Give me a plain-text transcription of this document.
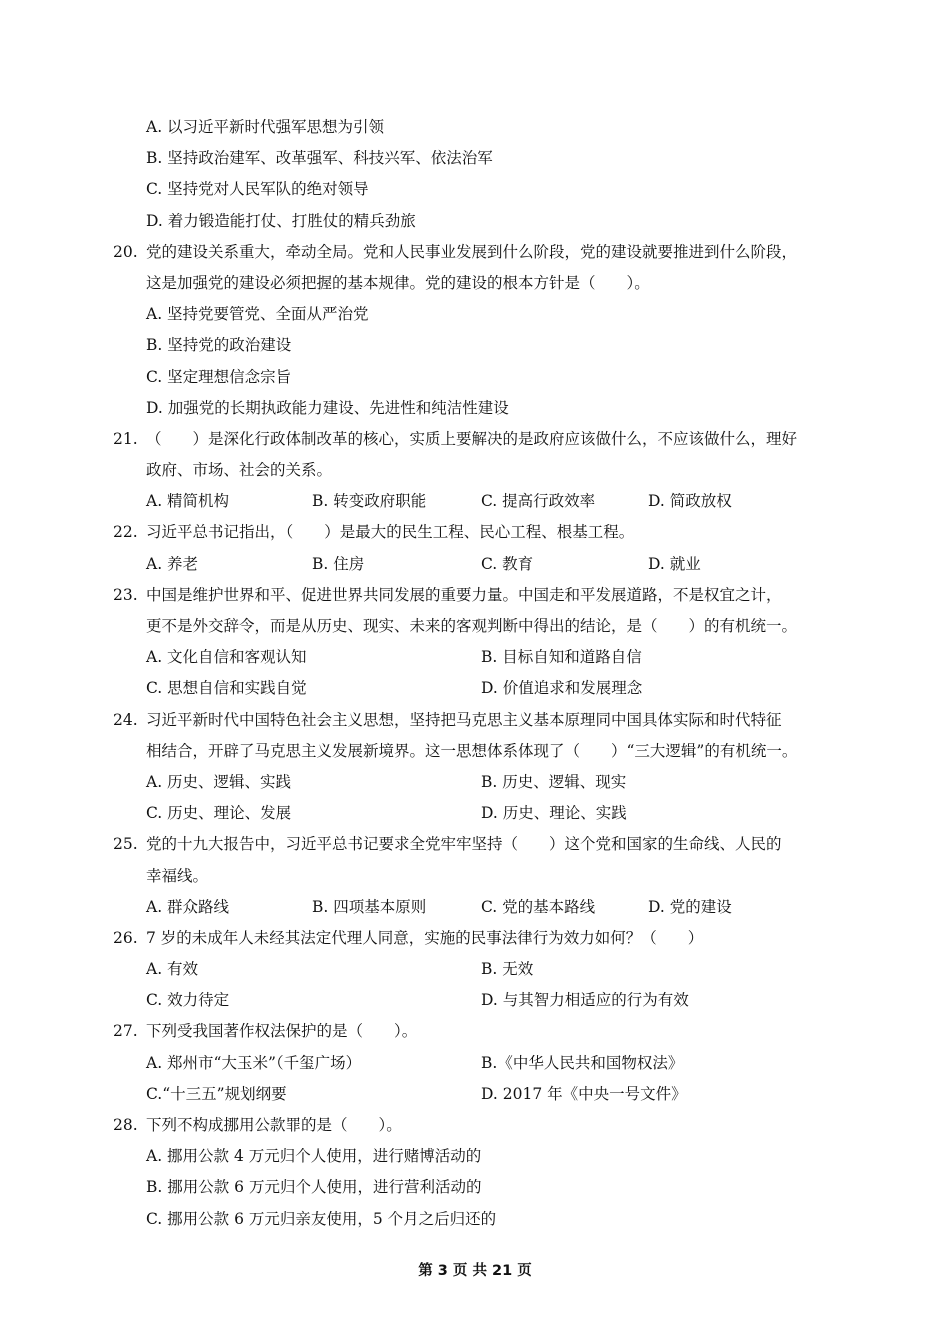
A. 以习近平新时代强军思想为引领
B. 坚持政治建军、改革强军、科技兴军、依法治军
C. 坚持党对人民军队的绝对领导
D. 着力锻造能打仗、打胜仗的精兵劲旅
20. 党的建设关系重大，牵动全局。党和人民事业发展到什么阶段，党的建设就要推进到什么阶段，
这是加强党的建设必须把握的基本规律。党的建设的根本方针是（　　）。
A. 坚持党要管党、全面从严治党
B. 坚持党的政治建设
C. 坚定理想信念宗旨
D. 加强党的长期执政能力建设、先进性和纯洁性建设
21. （　　）是深化行政体制改革的核心，实质上要解决的是政府应该做什么，不应该做什么，理好
政府、市场、社会的关系。
A. 精简机构	B. 转变政府职能	C. 提高行政效率	D. 简政放权
22. 习近平总书记指出，（　　）是最大的民生工程、民心工程、根基工程。
A. 养老	B. 住房	C. 教育	D. 就业
23. 中国是维护世界和平、促进世界共同发展的重要力量。中国走和平发展道路，不是权宜之计，
更不是外交辞令，而是从历史、现实、未来的客观判断中得出的结论，是（　　）的有机统一。
A. 文化自信和客观认知	B. 目标自知和道路自信
C. 思想自信和实践自觉	D. 价值追求和发展理念
24. 习近平新时代中国特色社会主义思想，坚持把马克思主义基本原理同中国具体实际和时代特征
相结合，开辟了马克思主义发展新境界。这一思想体系体现了（　　）“三大逻辑”的有机统一。
A. 历史、逻辑、实践	B. 历史、逻辑、现实
C. 历史、理论、发展	D. 历史、理论、实践
25. 党的十九大报告中，习近平总书记要求全党牢牢坚持（　　）这个党和国家的生命线、人民的
幸福线。
A. 群众路线	B. 四项基本原则	C. 党的基本路线	D. 党的建设
26. 7 岁的未成年人未经其法定代理人同意，实施的民事法律行为效力如何？（　　）
A. 有效	B. 无效
C. 效力待定	D. 与其智力相适应的行为有效
27. 下列受我国著作权法保护的是（　　）。
A. 郑州市“大玉米”（千玺广场）	B.《中华人民共和国物权法》
C.“十三五”规划纲要	D. 2017 年《中央一号文件》
28. 下列不构成挪用公款罪的是（　　）。
A. 挪用公款 4 万元归个人使用，进行赌博活动的
B. 挪用公款 6 万元归个人使用，进行营利活动的
C. 挪用公款 6 万元归亲友使用，5 个月之后归还的
第 3 页 共 21 页
